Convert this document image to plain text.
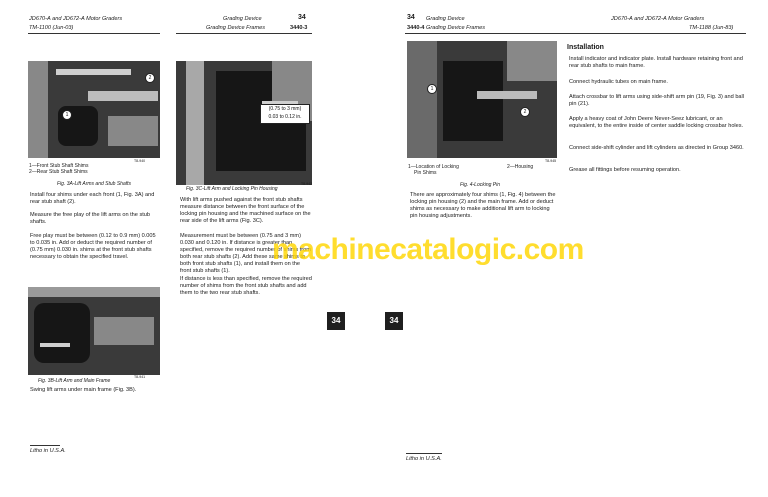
JD670-A and JD672-A Motor Graders
TM-1100 (Jun-03)
Grading Device	34
Grading Device Frames	3440-3
1
2
T8-940
1—Front Stub Shaft Shims
2—Rear Stub Shaft Shims
Fig. 3A-Lift Arms and Stub Shafts
Install four shims under each front (1, Fig. 3A) and rear stub shaft (2).
Measure the free play of the lift arms on the stub shafts.
Free play must be between (0.12 to 0.9 mm) 0.005 to 0.035 in. Add or deduct the required number of (0.75 mm) 0.030 in. shims at the front stub shafts necessary to obtain the specified travel.
T8-941
Fig. 3B-Lift Arm and Main Frame
Swing lift arms under main frame (Fig. 3B).
(0.75 to 3 mm)
0.03 to 0.12 in.
Fig. 3C-Lift Arm and Locking Pin Housing
T8-942
With lift arms pushed against the front stub shafts measure distance between the front surface of the locking pin housing and the machined surface on the rear side of the lift arms (Fig. 3C).
Measurement must be between (0.75 and 3 mm) 0.030 and 0.120 in. If distance is greater than specified, remove the required number of shims from both rear stub shafts (2). Add these same shims to both front stub shafts (1), and install them on the front stub shafts (1).
If distance is less than specified, remove the required number of shims from the front stub shafts and add them to the two rear stub shafts.
Litho in U.S.A.
34	34
34
3440-4
Grading Device
Grading Device Frames
JD670-A and JD672-A Motor Graders
TM-1188 (Jun-83)
1
2
T8-945
1—Location of Locking
Pin Shims
2—Housing
Fig. 4-Locking Pin
There are approximately four shims (1, Fig. 4) between the locking pin housing (2) and the main frame. Add or deduct shims as necessary to make additional lift arm to locking pin housing adjustments.
Installation
Install indicator and indicator plate. Install hardware retaining front and rear stub shafts to main frame.
Connect hydraulic tubes on main frame.
Attach crossbar to lift arms using side-shift arm pin (19, Fig. 3) and ball pin (21).
Apply a heavy coat of John Deere Never-Seez lubricant, or an equivalent, to the entire inside of center saddle locking crossbar holes.
Connect side-shift cylinder and lift cylinders as directed in Group 3460.
Grease all fittings before resuming operation.
Litho in U.S.A.
machinecatalogic.com
